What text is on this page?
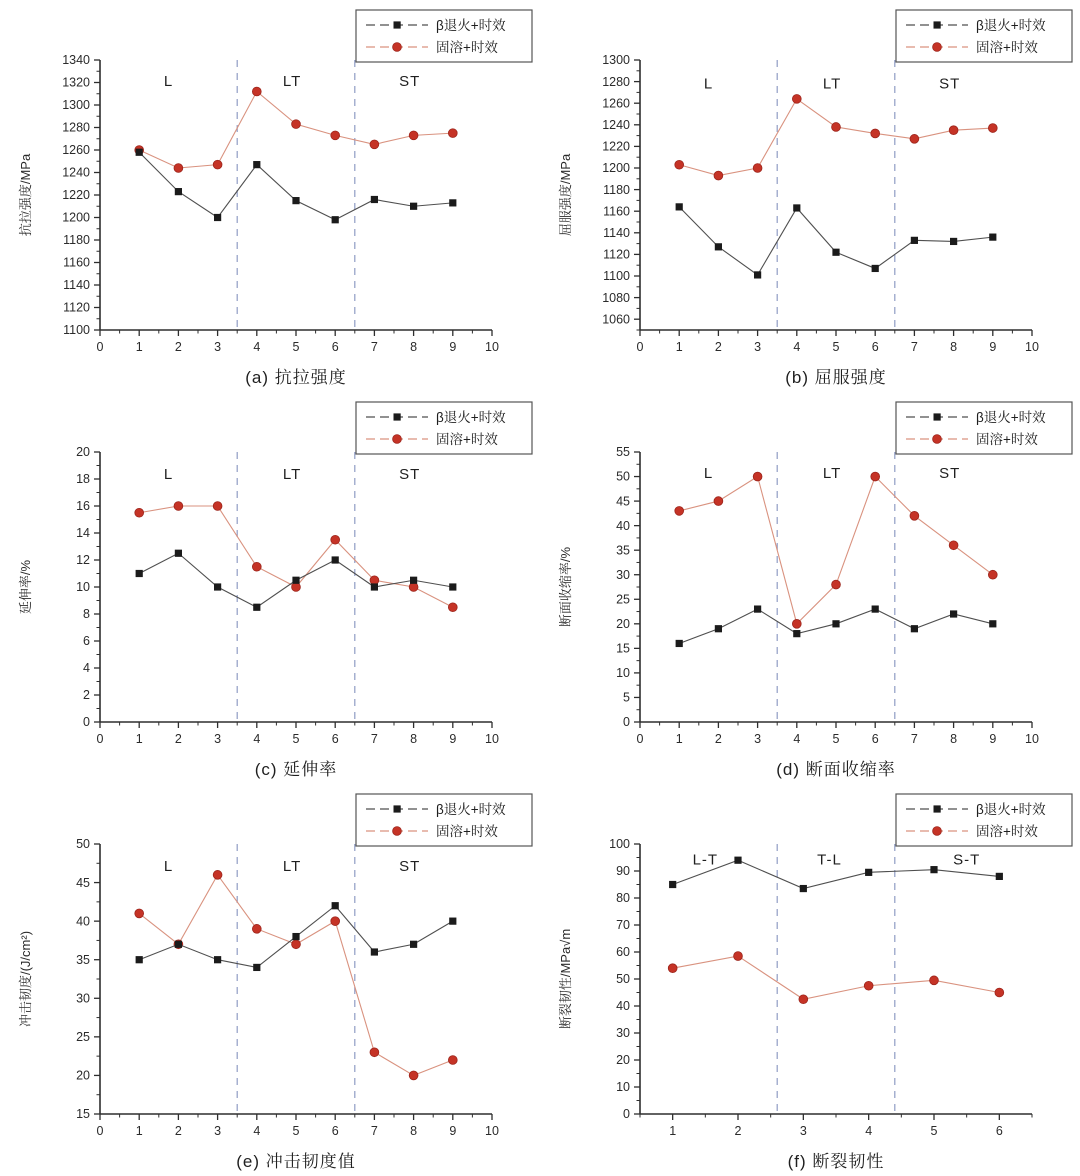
0	1	2	3	4	5	6	7	8	9 10
1100
1120
1140
1160
1180
1200
1220
1240
1260
1280
1300
1320
1340
抗拉强度/MPa
L	LT	ST
β退火+时效
固溶+时效
(a) 抗拉强度
0	1	2	3	4	5	6	7	8	9 10
1060
1080
1100
1120
1140
1160
1180
1200
1220
1240
1260
1280
1300
屈服强度/MPa
L	LT	ST
β退火+时效
固溶+时效
(b) 屈服强度
0	1	2	3	4	5	6	7	8	9 10
0
2
4
6
8
10
12
14
16
18
20
延伸率/%
L	LT	ST
β退火+时效
固溶+时效
(c) 延伸率
0	1	2	3	4	5	6	7	8	9 10
0
5
10
15
20
25
30
35
40
45
50
55
断面收缩率/%
L	LT	ST
β退火+时效
固溶+时效
(d) 断面收缩率
0	1	2	3	4	5	6	7	8	9 10
15
20
25
30
35
40
45
50
冲击韧度/(J/cm²)
L	LT	ST
β退火+时效
固溶+时效
(e) 冲击韧度值
1	2	3	4	5	6
0
10
20
30
40
50
60
70
80
90
100
断裂韧性/MPa√m
L-T	T-L	S-T
β退火+时效
固溶+时效
(f) 断裂韧性
